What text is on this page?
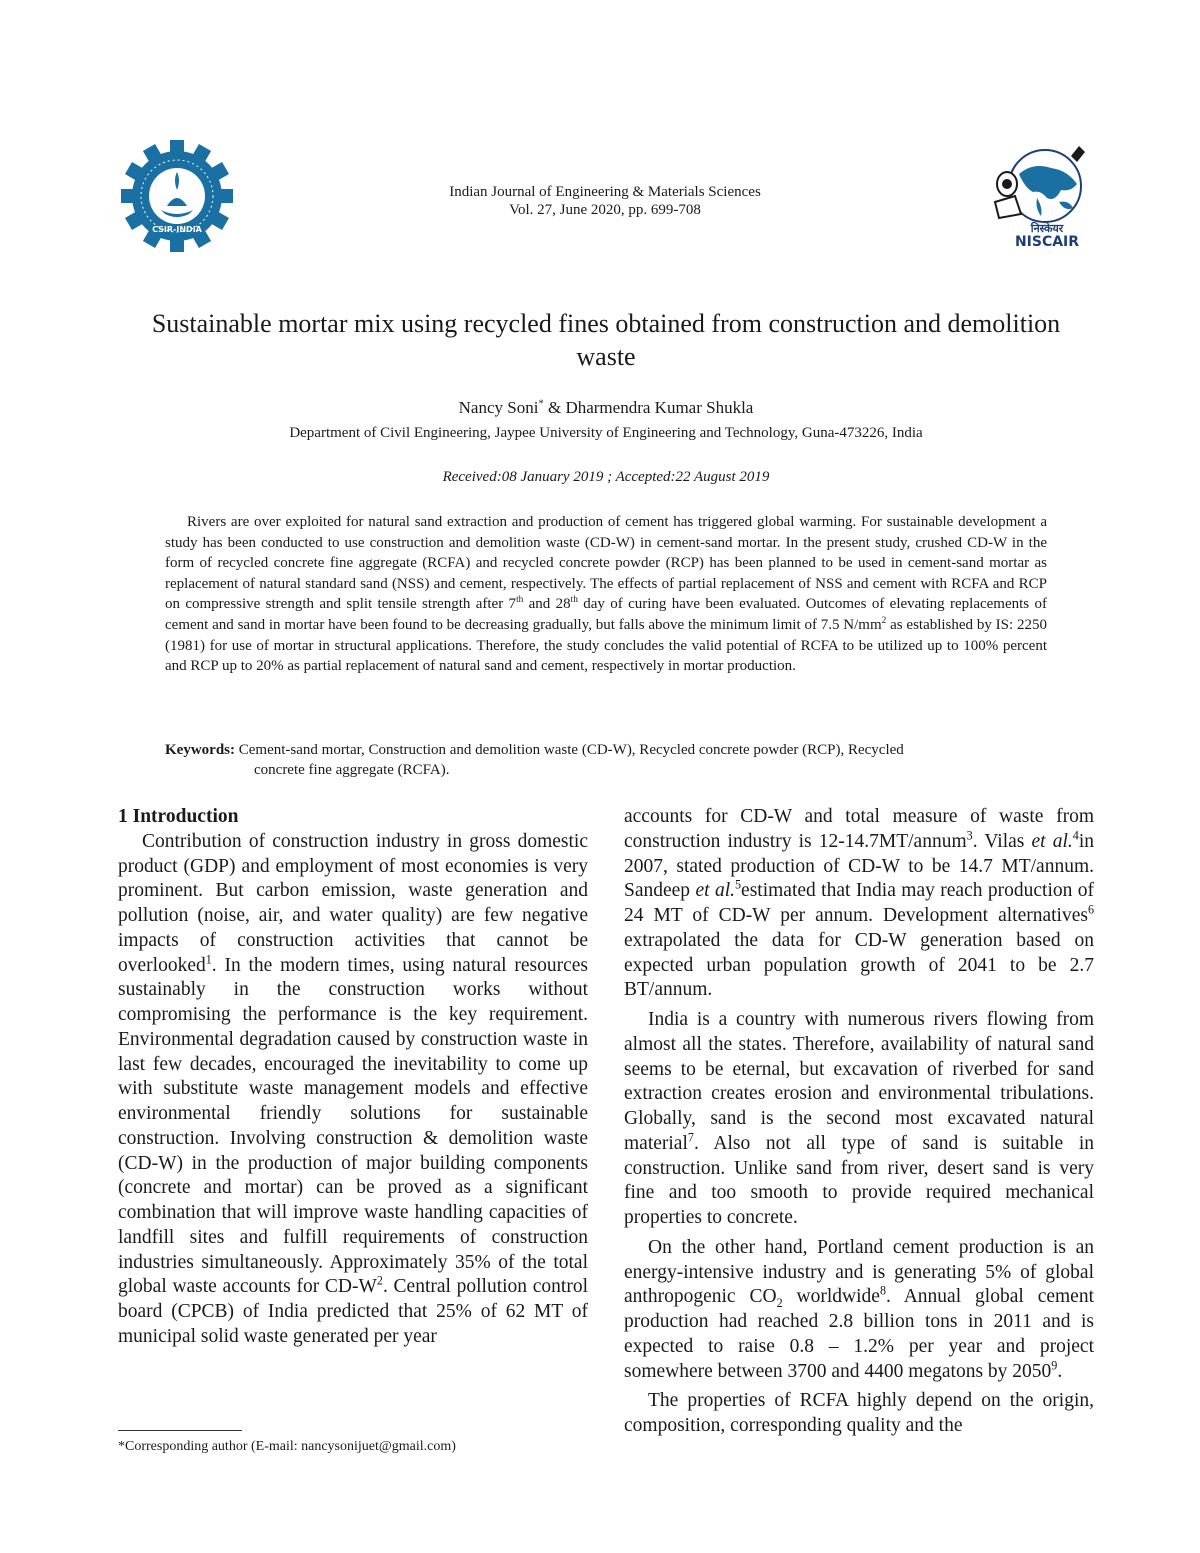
CSIR-INDIA
Indian Journal of Engineering & Materials Sciences
Vol. 27, June 2020, pp. 699-708
निस्केयर
NISCAIR
Sustainable mortar mix using recycled fines obtained from construction and demolition waste
Nancy Soni* & Dharmendra Kumar Shukla
Department of Civil Engineering, Jaypee University of Engineering and Technology, Guna-473226, India
Received:08 January 2019 ; Accepted:22 August 2019
Rivers are over exploited for natural sand extraction and production of cement has triggered global warming. For sustainable development a study has been conducted to use construction and demolition waste (CD-W) in cement-sand mortar. In the present study, crushed CD-W in the form of recycled concrete fine aggregate (RCFA) and recycled concrete powder (RCP) has been planned to be used in cement-sand mortar as replacement of natural standard sand (NSS) and cement, respectively. The effects of partial replacement of NSS and cement with RCFA and RCP on compressive strength and split tensile strength after 7th and 28th day of curing have been evaluated. Outcomes of elevating replacements of cement and sand in mortar have been found to be decreasing gradually, but falls above the minimum limit of 7.5 $N/mm^2$ as established by IS: 2250 (1981) for use of mortar in structural applications. Therefore, the study concludes the valid potential of RCFA to be utilized up to 100% percent and RCP up to 20% as partial replacement of natural sand and cement, respectively in mortar production.
Keywords: Cement-sand mortar, Construction and demolition waste (CD-W), Recycled concrete powder (RCP), Recycled
concrete fine aggregate (RCFA).

1 Introduction

Contribution of construction industry in gross domestic product (GDP) and employment of most economies is very prominent. But carbon emission, waste generation and pollution (noise, air, and water quality) are few negative impacts of construction activities that cannot be overlooked$^1$. In the modern times, using natural resources sustainably in the construction works without compromising the performance is the key requirement. Environmental degradation caused by construction waste in last few decades, encouraged the inevitability to come up with substitute waste management models and effective environmental friendly solutions for sustainable construction. Involving construction & demolition waste (CD-W) in the production of major building components (concrete and mortar) can be proved as a significant combination that will improve waste handling capacities of landfill sites and fulfill requirements of construction industries simultaneously. Approximately 35% of the total global waste accounts for $CD-W^2$. Central pollution control board (CPCB) of India predicted that 25% of 62 MT of municipal solid waste generated per year

accounts for CD-W and total measure of waste from construction industry is 12-14.7MT/annum$^3$. Vilas et al.$^4$in 2007, stated production of CD-W to be 14.7 MT/annum. Sandeep et al.$^5$estimated that India may reach production of 24 MT of CD-W per annum. Development alternatives$^6$ extrapolated the data for CD-W generation based on expected urban population growth of 2041 to be 2.7 BT/annum.

India is a country with numerous rivers flowing from almost all the states. Therefore, availability of natural sand seems to be eternal, but excavation of riverbed for sand extraction creates erosion and environmental tribulations. Globally, sand is the second most excavated natural material$^7$. Also not all type of sand is suitable in construction. Unlike sand from river, desert sand is very fine and too smooth to provide required mechanical properties to concrete.

On the other hand, Portland cement production is an energy-intensive industry and is generating 5% of global anthropogenic $CO_2$ worldwide$^8$. Annual global cement production had reached 2.8 billion tons in 2011 and is expected to raise 0.8 – 1.2% per year and project somewhere between 3700 and 4400 megatons by 2050$^9$.

The properties of RCFA highly depend on the origin, composition, corresponding quality and the

*Corresponding author (E-mail: nancysonijuet@gmail.com)
